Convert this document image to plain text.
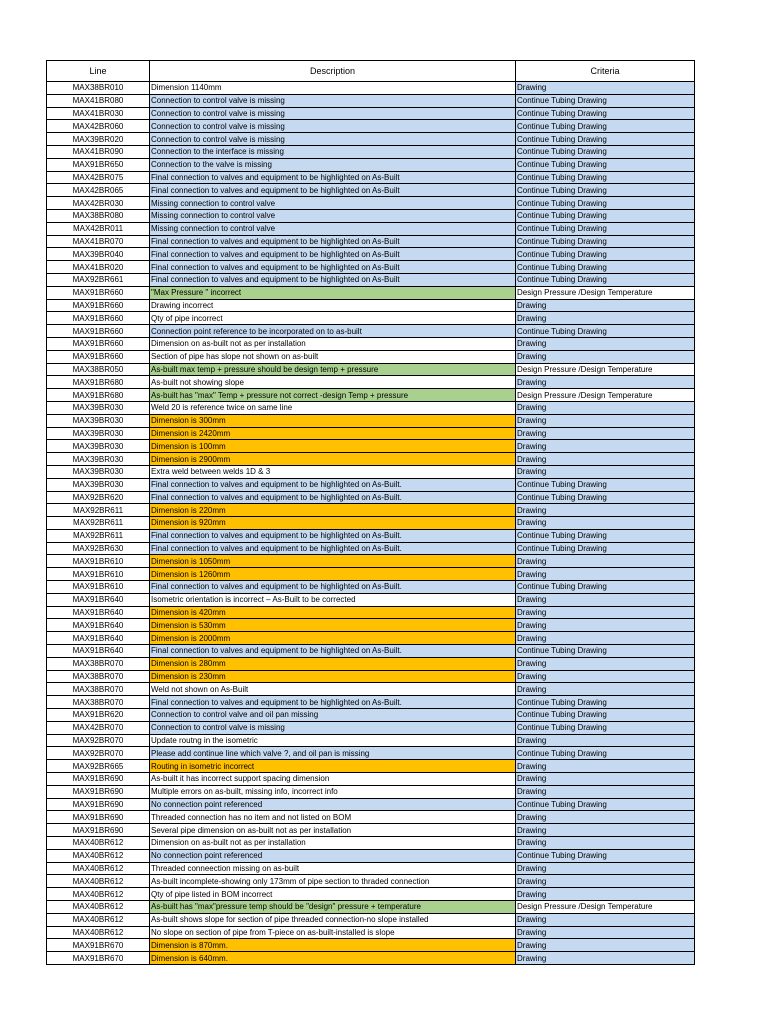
Line	Description	Criteria
MAX38BR010	Dimension 1140mm	Drawing
MAX41BR080	Connection to control valve is missing	Continue Tubing Drawing
MAX41BR030	Connection to control valve is missing	Continue Tubing Drawing
MAX42BR060	Connection to control valve is missing	Continue Tubing Drawing
MAX39BR020	Connection to control valve is missing	Continue Tubing Drawing
MAX41BR090	Connection to the interface is missing	Continue Tubing Drawing
MAX91BR650	Connection to the valve is missing	Continue Tubing Drawing
MAX42BR075	Final connection to valves and equipment to be highlighted on As-Built	Continue Tubing Drawing
MAX42BR065	Final connection to valves and equipment to be highlighted on As-Built	Continue Tubing Drawing
MAX42BR030	Missing connection to control valve	Continue Tubing Drawing
MAX38BR080	Missing connection to control valve	Continue Tubing Drawing
MAX42BR011	Missing connection to control valve	Continue Tubing Drawing
MAX41BR070	Final connection to valves and equipment to be highlighted on As-Built	Continue Tubing Drawing
MAX39BR040	Final connection to valves and equipment to be highlighted on As-Built	Continue Tubing Drawing
MAX41BR020	Final connection to valves and equipment to be highlighted on As-Built	Continue Tubing Drawing
MAX92BR661	Final connection to valves and equipment to be highlighted on As-Built	Continue Tubing Drawing
MAX91BR660	"Max Pressure " incorrect	Design Pressure /Design Temperature
MAX91BR660	Drawing incorrect	Drawing
MAX91BR660	Qty of pipe incorrect	Drawing
MAX91BR660	Connection point reference to be incorporated on to as-built	Continue Tubing Drawing
MAX91BR660	Dimension on as-built not as per installation	Drawing
MAX91BR660	Section of pipe has slope not shown on as-built	Drawing
MAX38BR050	As-built max temp + pressure should be design temp + pressure	Design Pressure /Design Temperature
MAX91BR680	As-built not showing slope	Drawing
MAX91BR680	As-built has "max" Temp + pressure not correct -design Temp + pressure	Design Pressure /Design Temperature
MAX39BR030	Weld 20 is reference twice on same line	Drawing
MAX39BR030	Dimension is 300mm	Drawing
MAX39BR030	Dimension is 2420mm	Drawing
MAX39BR030	Dimension is 100mm	Drawing
MAX39BR030	Dimension is 2900mm	Drawing
MAX39BR030	Extra weld between welds 1D & 3	Drawing
MAX39BR030	Final connection to valves and equipment to be highlighted on As-Built.	Continue Tubing Drawing
MAX92BR620	Final connection to valves and equipment to be highlighted on As-Built.	Continue Tubing Drawing
MAX92BR611	Dimension is 220mm	Drawing
MAX92BR611	Dimension is 920mm	Drawing
MAX92BR611	Final connection to valves and equipment to be highlighted on As-Built.	Continue Tubing Drawing
MAX92BR630	Final connection to valves and equipment to be highlighted on As-Built.	Continue Tubing Drawing
MAX91BR610	Dimension is 1050mm	Drawing
MAX91BR610	Dimension is 1260mm	Drawing
MAX91BR610	Final connection to valves and equipment to be highlighted on As-Built.	Continue Tubing Drawing
MAX91BR640	Isometric orientation is incorrect – As-Built to be corrected	Drawing
MAX91BR640	Dimension is 420mm	Drawing
MAX91BR640	Dimension is 530mm	Drawing
MAX91BR640	Dimension is 2000mm	Drawing
MAX91BR640	Final connection to valves and equipment to be highlighted on As-Built.	Continue Tubing Drawing
MAX38BR070	Dimension is 280mm	Drawing
MAX38BR070	Dimension is 230mm	Drawing
MAX38BR070	Weld not shown on As-Built	Drawing
MAX38BR070	Final connection to valves and equipment to be highlighted on As-Built.	Continue Tubing Drawing
MAX91BR620	Connection to control valve and oil pan missing	Continue Tubing Drawing
MAX42BR070	Connection to control valve is missing	Continue Tubing Drawing
MAX92BR070	Update routng in the isometric	Drawing
MAX92BR070	Please add continue line which valve ?, and oil pan is missing	Continue Tubing Drawing
MAX92BR665	Routing in isometric incorrect	Drawing
MAX91BR690	As-built it has incorrect support spacing dimension	Drawing
MAX91BR690	Multiple errors on as-built, missing info, incorrect info	Drawing
MAX91BR690	No connection point referenced	Continue Tubing Drawing
MAX91BR690	Threaded connection has no item and not listed on BOM	Drawing
MAX91BR690	Several pipe dimension on as-built not as per installation	Drawing
MAX40BR612	Dimension on as-built not as per installation	Drawing
MAX40BR612	No connection point referenced	Continue Tubing Drawing
MAX40BR612	Threaded conneection missing on as-built	Drawing
MAX40BR612	As-built incomplete-showing only 173mm of pipe section to thraded connection	Drawing
MAX40BR612	Qty of pipe listed in BOM incorrect	Drawing
MAX40BR612	As-built has "max"pressure temp should be "design" pressure + temperature	Design Pressure /Design Temperature
MAX40BR612	As-built shows slope for section of pipe threaded connection-no slope installed	Drawing
MAX40BR612	No slope on section of pipe from T-piece on as-built-installed is slope	Drawing
MAX91BR670	Dimension is 870mm.	Drawing
MAX91BR670	Dimension is 640mm.	Drawing
